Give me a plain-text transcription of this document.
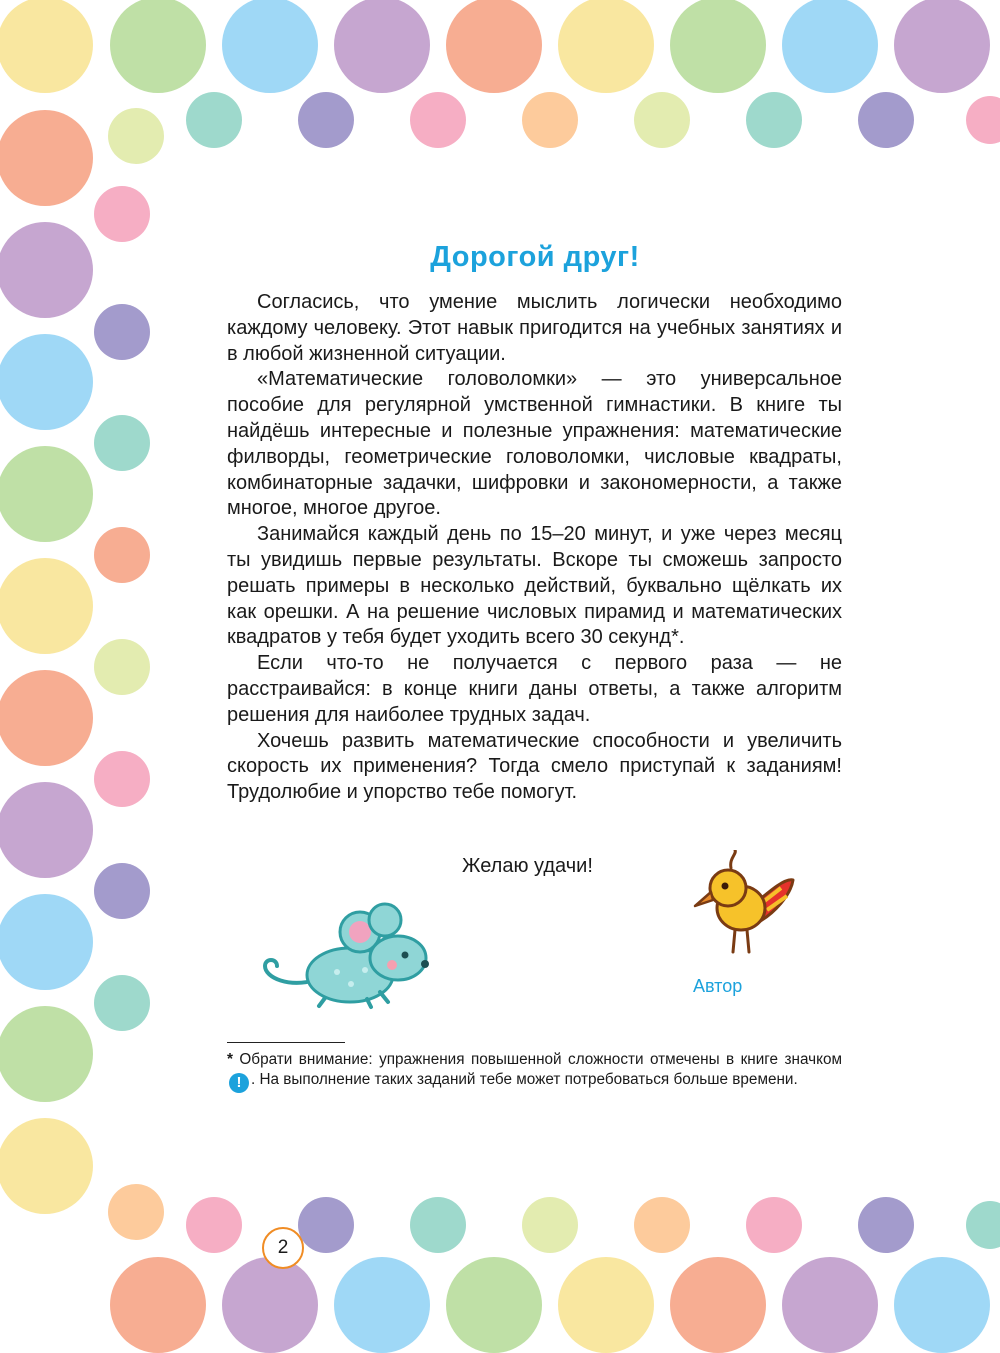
Дорогой друг!

Согласись, что умение мыслить логически необходимо каждому человеку. Этот навык пригодится на учебных занятиях и в любой жизненной ситуации.

«Математические головоломки» — это универсальное пособие для регулярной умственной гимнастики. В книге ты найдёшь интересные и полезные упражнения: математические филворды, геометрические головоломки, числовые квадраты, комбинаторные задачки, шифровки и закономерности, а также многое, многое другое.

Занимайся каждый день по 15–20 минут, и уже через месяц ты увидишь первые результаты. Вскоре ты сможешь запросто решать примеры в несколько действий, буквально щёлкать их как орешки. А на решение числовых пирамид и математических квадратов у тебя будет уходить всего 30 секунд*.

Если что-то не получается с первого раза — не расстраивайся: в конце книги даны ответы, а также алгоритм решения для наиболее трудных задач.

Хочешь развить математические способности и увеличить скорость их применения? Тогда смело приступай к заданиям! Трудолюбие и упорство тебе помогут.

Желаю удачи!
Автор
* Обрати внимание: упражнения повышенной сложности отмечены в книге значком ! . На выполнение таких заданий тебе может потребоваться больше времени.
2
